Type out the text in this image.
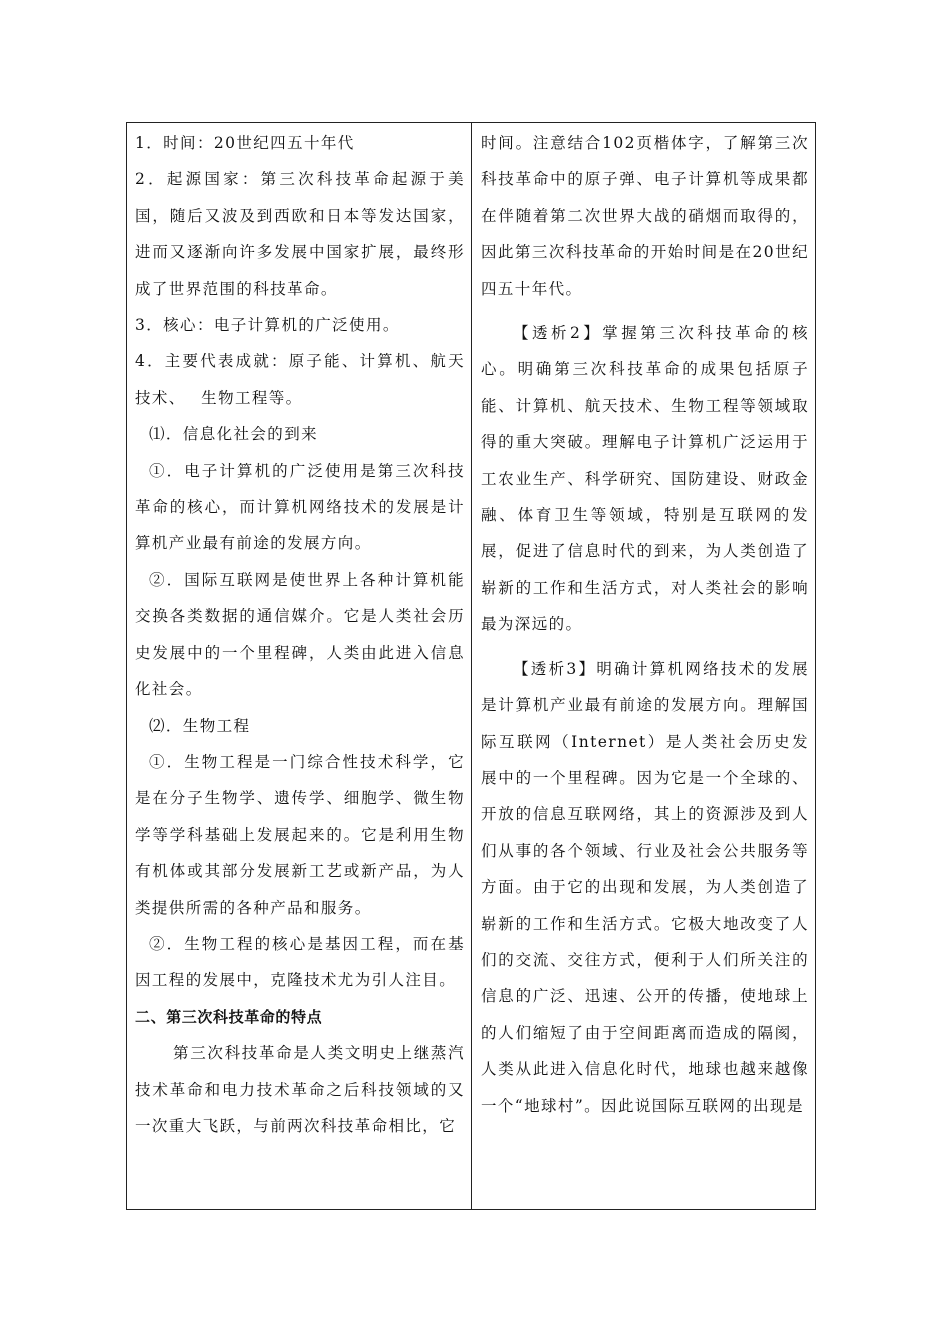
1．时间：20世纪四五十年代

2．起源国家：第三次科技革命起源于美国，随后又波及到西欧和日本等发达国家，进而又逐渐向许多发展中国家扩展，最终形成了世界范围的科技革命。

3．核心：电子计算机的广泛使用。

4．主要代表成就：原子能、计算机、航天技术、　 生物工程等。

⑴．信息化社会的到来

①．电子计算机的广泛使用是第三次科技革命的核心，而计算机网络技术的发展是计算机产业最有前途的发展方向。

②．国际互联网是使世界上各种计算机能交换各类数据的通信媒介。它是人类社会历史发展中的一个里程碑，人类由此进入信息化社会。

⑵．生物工程

①．生物工程是一门综合性技术科学，它是在分子生物学、遗传学、细胞学、微生物学等学科基础上发展起来的。它是利用生物有机体或其部分发展新工艺或新产品，为人类提供所需的各种产品和服务。

②．生物工程的核心是基因工程，而在基因工程的发展中，克隆技术尤为引人注目。

二、第三次科技革命的特点

第三次科技革命是人类文明史上继蒸汽技术革命和电力技术革命之后科技领域的又一次重大飞跃，与前两次科技革命相比，它

时间。注意结合102页楷体字，了解第三次科技革命中的原子弹、电子计算机等成果都在伴随着第二次世界大战的硝烟而取得的，因此第三次科技革命的开始时间是在20世纪四五十年代。

【透析2】掌握第三次科技革命的核心。明确第三次科技革命的成果包括原子能、计算机、航天技术、生物工程等领域取得的重大突破。理解电子计算机广泛运用于工农业生产、科学研究、国防建设、财政金融、体育卫生等领域，特别是互联网的发展，促进了信息时代的到来，为人类创造了崭新的工作和生活方式，对人类社会的影响最为深远的。

【透析3】明确计算机网络技术的发展是计算机产业最有前途的发展方向。理解国际互联网（Internet）是人类社会历史发展中的一个里程碑。因为它是一个全球的、开放的信息互联网络，其上的资源涉及到人们从事的各个领域、行业及社会公共服务等方面。由于它的出现和发展，为人类创造了崭新的工作和生活方式。它极大地改变了人们的交流、交往方式，便利于人们所关注的信息的广泛、迅速、公开的传播，使地球上的人们缩短了由于空间距离而造成的隔阂，人类从此进入信息化时代，地球也越来越像一个“地球村”。因此说国际互联网的出现是
